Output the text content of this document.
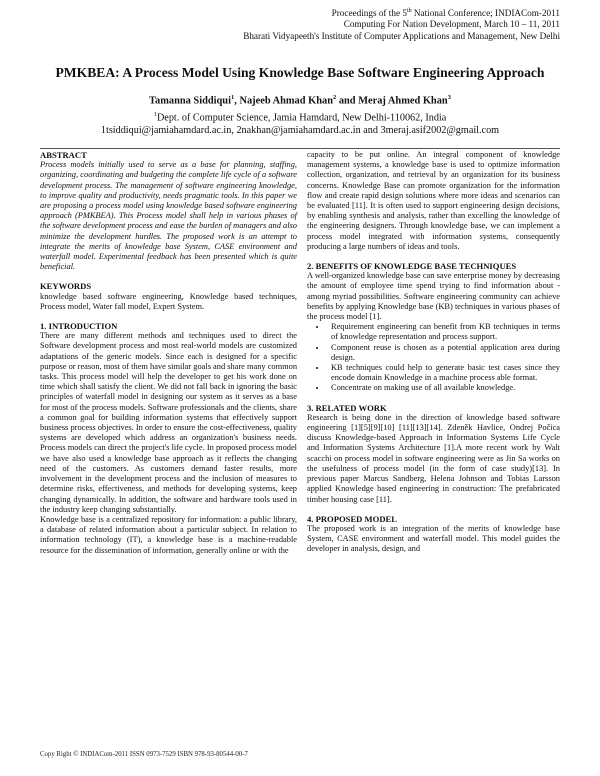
Proceedings of the 5th National Conference; INDIACom-2011
Computing For Nation Development, March 10 – 11, 2011
Bharati Vidyapeeth's Institute of Computer Applications and Management, New Delhi
PMKBEA: A Process Model Using Knowledge Base Software Engineering Approach
Tamanna Siddiqui$^1$, Najeeb Ahmad Khan$^2$ and Meraj Ahmed Khan$^3$
$^1$Dept. of Computer Science, Jamia Hamdard, New Delhi-110062, India
1tsiddiqui@jamiahamdard.ac.in, 2nakhan@jamiahamdard.ac.in and 3meraj.asif2002@gmail.com

ABSTRACT

Process models initially used to serve as a base for planning, staffing, organizing, coordinating and budgeting the complete life cycle of a software development process. The management of software engineering knowledge, to improve quality and productivity, needs pragmatic tools. In this paper we are proposing a process model using knowledge based software engineering approach (PMKBEA). This Process model shall help in various phases of the software development process and ease the burden of managers and also minimize the development hurdles. The proposed work is an attempt to integrate the merits of knowledge base System, CASE environment and waterfall model. Experimental feedback has been presented which is quite beneficial.

KEYWORDS

knowledge based software engineering, Knowledge based techniques, Process model, Water fall model, Expert System.

1. INTRODUCTION

There are many different methods and techniques used to direct the Software development process and most real-world models are customized adaptations of the generic models. Since each is designed for a specific purpose or reason, most of them have similar goals and share many common tasks. This process model will help the developer to get his work done on time which shall satisfy the client. We did not fall back in ignoring the basic principles of waterfall model in designing our system as it serves as a base for most of the process models. Software professionals and the clients, share a common goal for building information systems that effectively support business process objectives. In order to ensure the cost-effectiveness, quality systems are developed which address an organization's business needs. Process models can direct the project's life cycle. In proposed process model we have also used a knowledge base approach as it reflects the changing need of the customers. As customers demand faster results, more involvement in the development process and the inclusion of measures to determine risks, effectiveness, and methods for developing systems, keep changing dynamically. In addition, the software and hardware tools used in the industry keep changing substantially.

Knowledge base is a centralized repository for information: a public library, a database of related information about a particular subject. In relation to information technology (IT), a knowledge base is a machine-readable resource for the dissemination of information, generally online or with the

capacity to be put online. An integral component of knowledge management systems, a knowledge base is used to optimize information collection, organization, and retrieval by an organization for its business concerns. Knowledge Base can promote organization for the information flow and create rapid design solutions where more ideas and scenarios can be evaluated [11]. It is often used to support engineering design decisions, by enabling synthesis and analysis, rather than excelling the knowledge of the engineering designers. Through knowledge base, we can implement a process model integrated with information systems, consequently producing a large numbers of ideas and tools.

2. BENEFITS OF KNOWLEDGE BASE TECHNIQUES

A well-organized knowledge base can save enterprise money by decreasing the amount of employee time spend trying to find information about - among myriad possibilities. Software engineering community can achieve benefits by applying Knowledge base (KB) techniques in various phases of the process model [1].

• Requirement engineering can benefit from KB techniques in terms of knowledge representation and process support.
• Component reuse is chosen as a potential application area during design.
• KB techniques could help to generate basic test cases since they encode domain Knowledge in a machine process able format.
• Concentrate on making use of all available knowledge.

3. RELATED WORK

Research is being done in the direction of knowledge based software engineering [1][5][9][10] [11][13][14]. Zdeněk Havlice, Ondrej Počica discuss Knowledge-based Approach in Information Systems Life Cycle and Information Systems Architecture [1].A more recent work by Walt scacchi on process model in software engineering were as Jin Sa works on the usefulness of process model (in the form of case study)[13]. In previous paper Marcus Sandberg, Helena Johnson and Tobias Larsson applied Knowledge based engineering in construction: The prefabricated timber housing case [11].

4. PROPOSED MODEL

The proposed work is an integration of the merits of knowledge base System, CASE environment and waterfall model. This model guides the developer in analysis, design, and

Copy Right © INDIACom-2011 ISSN 0973-7529 ISBN 978-93-80544-00-7
